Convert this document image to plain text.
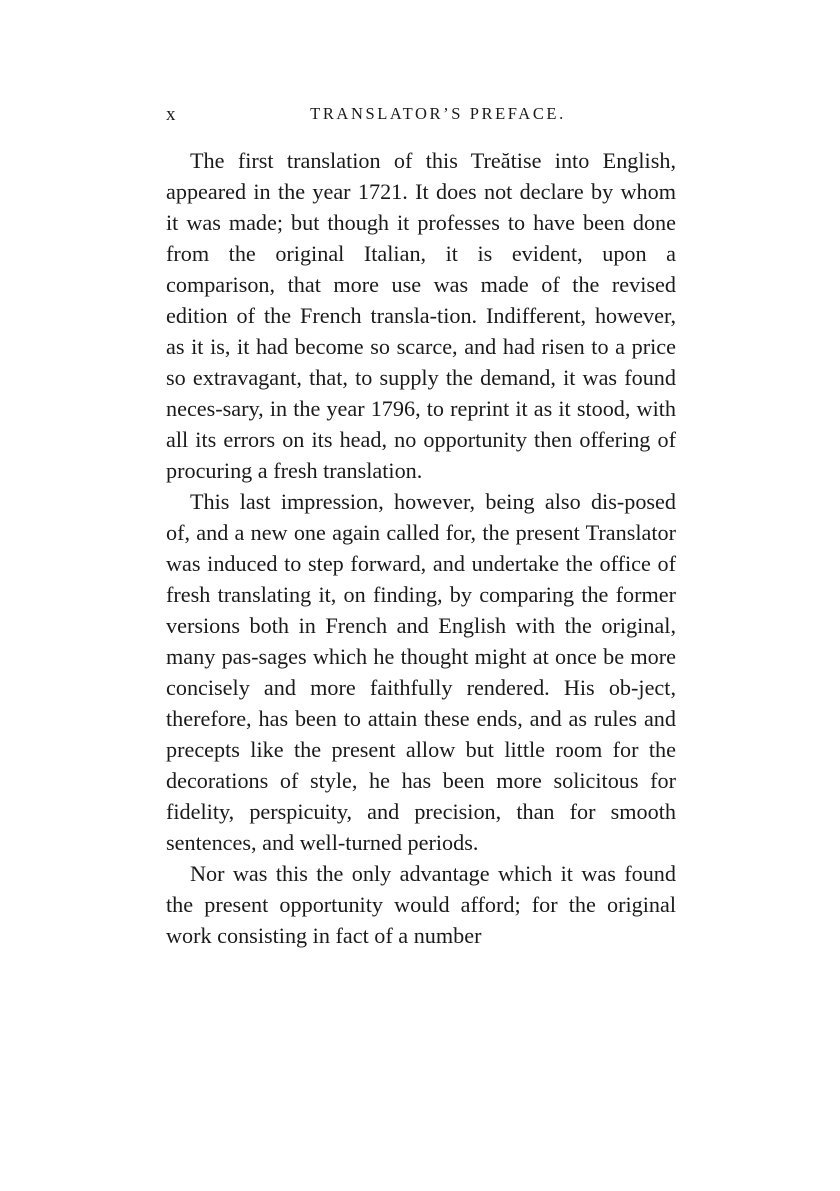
x	TRANSLATOR’S PREFACE.

The first translation of this Treătise into English, appeared in the year 1721. It does not declare by whom it was made; but though it professes to have been done from the original Italian, it is evident, upon a comparison, that more use was made of the revised edition of the French transla-tion. Indifferent, however, as it is, it had become so scarce, and had risen to a price so extravagant, that, to supply the demand, it was found neces-sary, in the year 1796, to reprint it as it stood, with all its errors on its head, no opportunity then offering of procuring a fresh translation.

This last impression, however, being also dis-posed of, and a new one again called for, the present Translator was induced to step forward, and undertake the office of fresh translating it, on finding, by comparing the former versions both in French and English with the original, many pas-sages which he thought might at once be more concisely and more faithfully rendered. His ob-ject, therefore, has been to attain these ends, and as rules and precepts like the present allow but little room for the decorations of style, he has been more solicitous for fidelity, perspicuity, and precision, than for smooth sentences, and well-turned periods.

Nor was this the only advantage which it was found the present opportunity would afford; for the original work consisting in fact of a number
